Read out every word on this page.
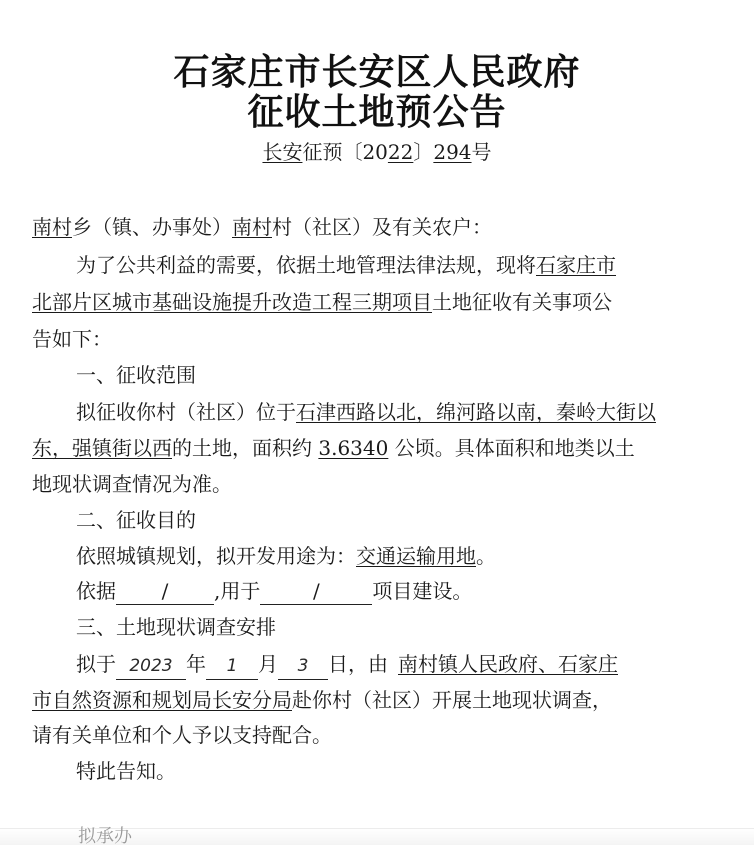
石家庄市长安区人民政府
征收土地预公告
长安征预〔2022〕294号
南村乡（镇、办事处）南村村（社区）及有关农户：
为了公共利益的需要，依据土地管理法律法规，现将石家庄市
北部片区城市基础设施提升改造工程三期项目土地征收有关事项公
告如下：
一、征收范围
拟征收你村（社区）位于石津西路以北，绵河路以南，秦岭大街以
东，强镇街以西的土地，面积约 3.6340 公顷。具体面积和地类以土
地现状调查情况为准。
二、征收目的
依照城镇规划，拟开发用途为：交通运输用地。
依据 / ,用于	/	项目建设。
三、土地现状调查安排
拟于 2023 年 1 月 3 日，由 南村镇人民政府、石家庄
市自然资源和规划局长安分局赴你村（社区）开展土地现状调查，
请有关单位和个人予以支持配合。
特此告知。
拟承办
